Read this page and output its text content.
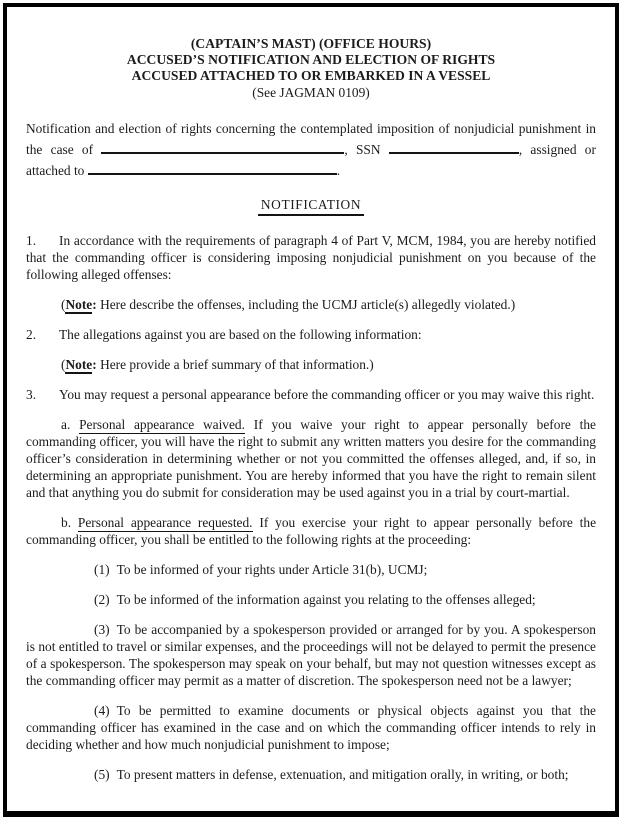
(CAPTAIN’S MAST) (OFFICE HOURS)
ACCUSED’S NOTIFICATION AND ELECTION OF RIGHTS
ACCUSED ATTACHED TO OR EMBARKED IN A VESSEL
(See JAGMAN 0109)

Notification and election of rights concerning the contemplated imposition of nonjudicial punishment in the case of	, SSN	, assigned or attached to	.

NOTIFICATION

1. In accordance with the requirements of paragraph 4 of Part V, MCM, 1984, you are hereby notified that the commanding officer is considering imposing nonjudicial punishment on you because of the following alleged offenses:

(Note: Here describe the offenses, including the UCMJ article(s) allegedly violated.)

2. The allegations against you are based on the following information:

(Note: Here provide a brief summary of that information.)

3. You may request a personal appearance before the commanding officer or you may waive this right.

a. Personal appearance waived. If you waive your right to appear personally before the commanding officer, you will have the right to submit any written matters you desire for the commanding officer’s consideration in determining whether or not you committed the offenses alleged, and, if so, in determining an appropriate punishment. You are hereby informed that you have the right to remain silent and that anything you do submit for consideration may be used against you in a trial by court-martial.

b. Personal appearance requested. If you exercise your right to appear personally before the commanding officer, you shall be entitled to the following rights at the proceeding:

(1) To be informed of your rights under Article 31(b), UCMJ;

(2) To be informed of the information against you relating to the offenses alleged;

(3) To be accompanied by a spokesperson provided or arranged for by you. A spokesperson is not entitled to travel or similar expenses, and the proceedings will not be delayed to permit the presence of a spokesperson. The spokesperson may speak on your behalf, but may not question witnesses except as the commanding officer may permit as a matter of discretion. The spokesperson need not be a lawyer;

(4) To be permitted to examine documents or physical objects against you that the commanding officer has examined in the case and on which the commanding officer intends to rely in deciding whether and how much nonjudicial punishment to impose;

(5) To present matters in defense, extenuation, and mitigation orally, in writing, or both;
